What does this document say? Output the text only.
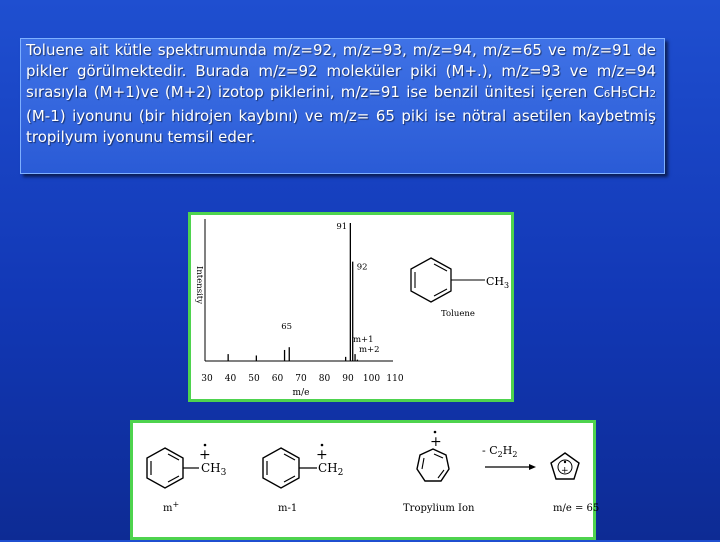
Toluene ait kütle spektrumunda m/z=92, m/z=93, m/z=94, m/z=65 ve m/z=91 de pikler görülmektedir. Burada m/z=92 moleküler piki (M+.), m/z=93 ve m/z=94 sırasıyla (M+1)ve (M+2) izotop piklerini, m/z=91 ise benzil ünitesi içeren C6H5CH2 (M-1) iyonunu (bir hidrojen kaybını) ve m/z= 65 piki ise nötral asetilen kaybetmiş tropilyum iyonunu temsil eder.

Intensity
m/e
30 40 50 60 70 80 90 100 110
91
92
65
m+1
m+2
$CH_3$
Toluene
+
$CH_3$
m+
+
$CH_2$
m-1
+
Tropylium Ion
- $C_2H_2$
+
m/e = 65
